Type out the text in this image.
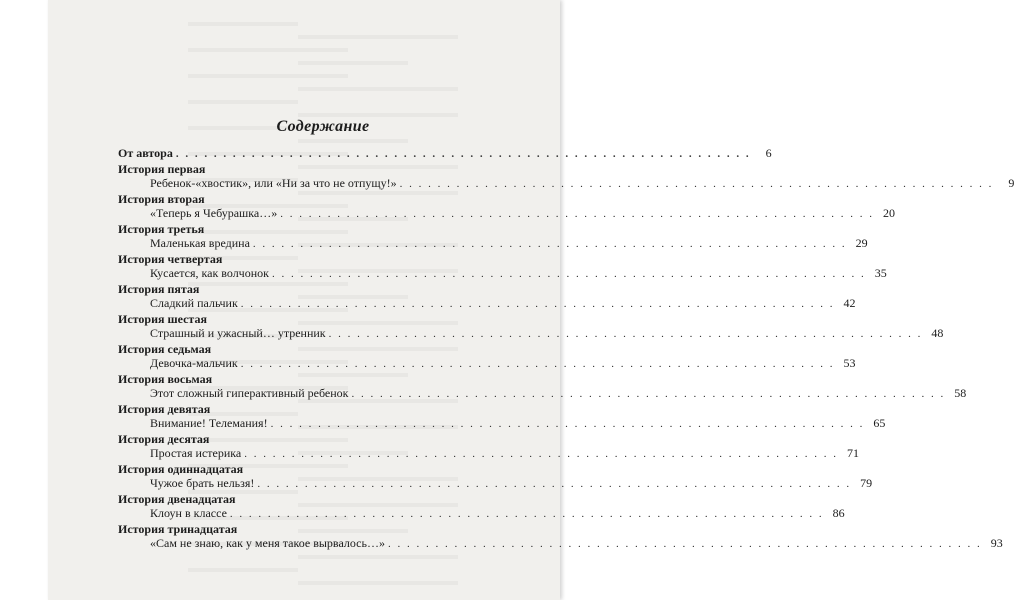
Содержание
От автора . . . . . . . . . . . . . . . . . . . . . . . . . . . . . . . . . . . . . . . . . . . . . . . . . . . . . . . . . . . . .	6
История первая
Ребенок-«хвостик», или «Ни за что не отпущу!» . . . . . . . . . . . . . . . . . . . . . . . . . . . . . . . . . . . . . . . . . . . . . . . . . . . . . . . . . . . . . . .	9
История вторая
«Теперь я Чебурашка…» . . . . . . . . . . . . . . . . . . . . . . . . . . . . . . . . . . . . . . . . . . . . . . . . . . . . . . . . . . . . . . . 20
История третья
Маленькая вредина . . . . . . . . . . . . . . . . . . . . . . . . . . . . . . . . . . . . . . . . . . . . . . . . . . . . . . . . . . . . . . . 29
История четвертая
Кусается, как волчонок . . . . . . . . . . . . . . . . . . . . . . . . . . . . . . . . . . . . . . . . . . . . . . . . . . . . . . . . . . . . . . . 35
История пятая
Сладкий пальчик . . . . . . . . . . . . . . . . . . . . . . . . . . . . . . . . . . . . . . . . . . . . . . . . . . . . . . . . . . . . . . . 42
История шестая
Страшный и ужасный… утренник . . . . . . . . . . . . . . . . . . . . . . . . . . . . . . . . . . . . . . . . . . . . . . . . . . . . . . . . . . . . . . . 48
История седьмая
Девочка-мальчик . . . . . . . . . . . . . . . . . . . . . . . . . . . . . . . . . . . . . . . . . . . . . . . . . . . . . . . . . . . . . . . 53
История восьмая
Этот сложный гиперактивный ребенок . . . . . . . . . . . . . . . . . . . . . . . . . . . . . . . . . . . . . . . . . . . . . . . . . . . . . . . . . . . . . . . 58
История девятая
Внимание! Телемания! . . . . . . . . . . . . . . . . . . . . . . . . . . . . . . . . . . . . . . . . . . . . . . . . . . . . . . . . . . . . . . . 65
История десятая
Простая истерика . . . . . . . . . . . . . . . . . . . . . . . . . . . . . . . . . . . . . . . . . . . . . . . . . . . . . . . . . . . . . . . 71
История одиннадцатая
Чужое брать нельзя! . . . . . . . . . . . . . . . . . . . . . . . . . . . . . . . . . . . . . . . . . . . . . . . . . . . . . . . . . . . . . . . 79
История двенадцатая
Клоун в классе . . . . . . . . . . . . . . . . . . . . . . . . . . . . . . . . . . . . . . . . . . . . . . . . . . . . . . . . . . . . . . . 86
История тринадцатая
«Сам не знаю, как у меня такое вырвалось…» . . . . . . . . . . . . . . . . . . . . . . . . . . . . . . . . . . . . . . . . . . . . . . . . . . . . . . . . . . . . . . . 93
